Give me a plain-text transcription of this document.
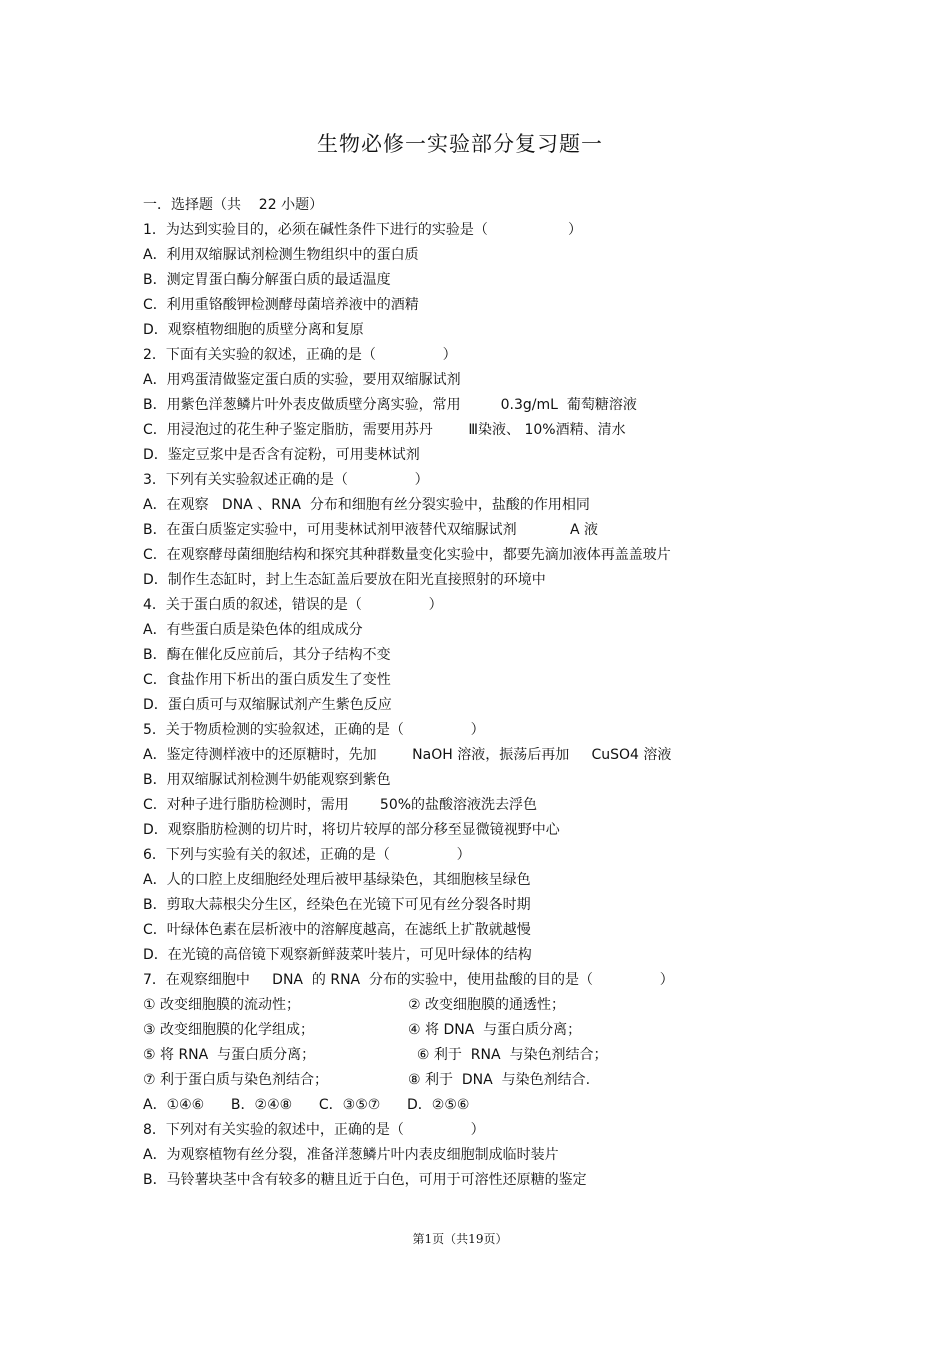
生物必修一实验部分复习题一
一．选择题（共    22 小题）
1．为达到实验目的，必须在碱性条件下进行的实验是（                  ）
A．利用双缩脲试剂检测生物组织中的蛋白质
B．测定胃蛋白酶分解蛋白质的最适温度
C．利用重铬酸钾检测酵母菌培养液中的酒精
D．观察植物细胞的质壁分离和复原
2．下面有关实验的叙述，正确的是（               ）
A．用鸡蛋清做鉴定蛋白质的实验，要用双缩脲试剂
B．用紫色洋葱鳞片叶外表皮做质壁分离实验，常用         0.3g/mL  葡萄糖溶液
C．用浸泡过的花生种子鉴定脂肪，需要用苏丹        Ⅲ染液、 10%酒精、清水
D．鉴定豆浆中是否含有淀粉，可用斐林试剂
3．下列有关实验叙述正确的是（               ）
A．在观察   DNA 、RNA  分布和细胞有丝分裂实验中，盐酸的作用相同
B．在蛋白质鉴定实验中，可用斐林试剂甲液替代双缩脲试剂            A 液
C．在观察酵母菌细胞结构和探究其种群数量变化实验中，都要先滴加液体再盖盖玻片
D．制作生态缸时，封上生态缸盖后要放在阳光直接照射的环境中
4．关于蛋白质的叙述，错误的是（               ）
A．有些蛋白质是染色体的组成成分
B．酶在催化反应前后，其分子结构不变
C．食盐作用下析出的蛋白质发生了变性
D．蛋白质可与双缩脲试剂产生紫色反应
5．关于物质检测的实验叙述，正确的是（               ）
A．鉴定待测样液中的还原糖时，先加        NaOH 溶液，振荡后再加     CuSO4 溶液
B．用双缩脲试剂检测牛奶能观察到紫色
C．对种子进行脂肪检测时，需用       50%的盐酸溶液洗去浮色
D．观察脂肪检测的切片时，将切片较厚的部分移至显微镜视野中心
6．下列与实验有关的叙述，正确的是（               ）
A．人的口腔上皮细胞经处理后被甲基绿染色，其细胞核呈绿色
B．剪取大蒜根尖分生区，经染色在光镜下可见有丝分裂各时期
C．叶绿体色素在层析液中的溶解度越高，在滤纸上扩散就越慢
D．在光镜的高倍镜下观察新鲜菠菜叶装片，可见叶绿体的结构
7．在观察细胞中     DNA  的 RNA  分布的实验中，使用盐酸的目的是（               ）
① 改变细胞膜的流动性；	② 改变细胞膜的通透性；
③ 改变细胞膜的化学组成；	④ 将 DNA  与蛋白质分离；
⑤ 将 RNA  与蛋白质分离；	⑥ 利于  RNA  与染色剂结合；
⑦ 利于蛋白质与染色剂结合；	⑧ 利于  DNA  与染色剂结合.
A．①④⑥      B．②④⑧      C．③⑤⑦      D．②⑤⑥
8．下列对有关实验的叙述中，正确的是（               ）
A．为观察植物有丝分裂，准备洋葱鳞片叶内表皮细胞制成临时装片
B．马铃薯块茎中含有较多的糖且近于白色，可用于可溶性还原糖的鉴定
第1页（共19页）
